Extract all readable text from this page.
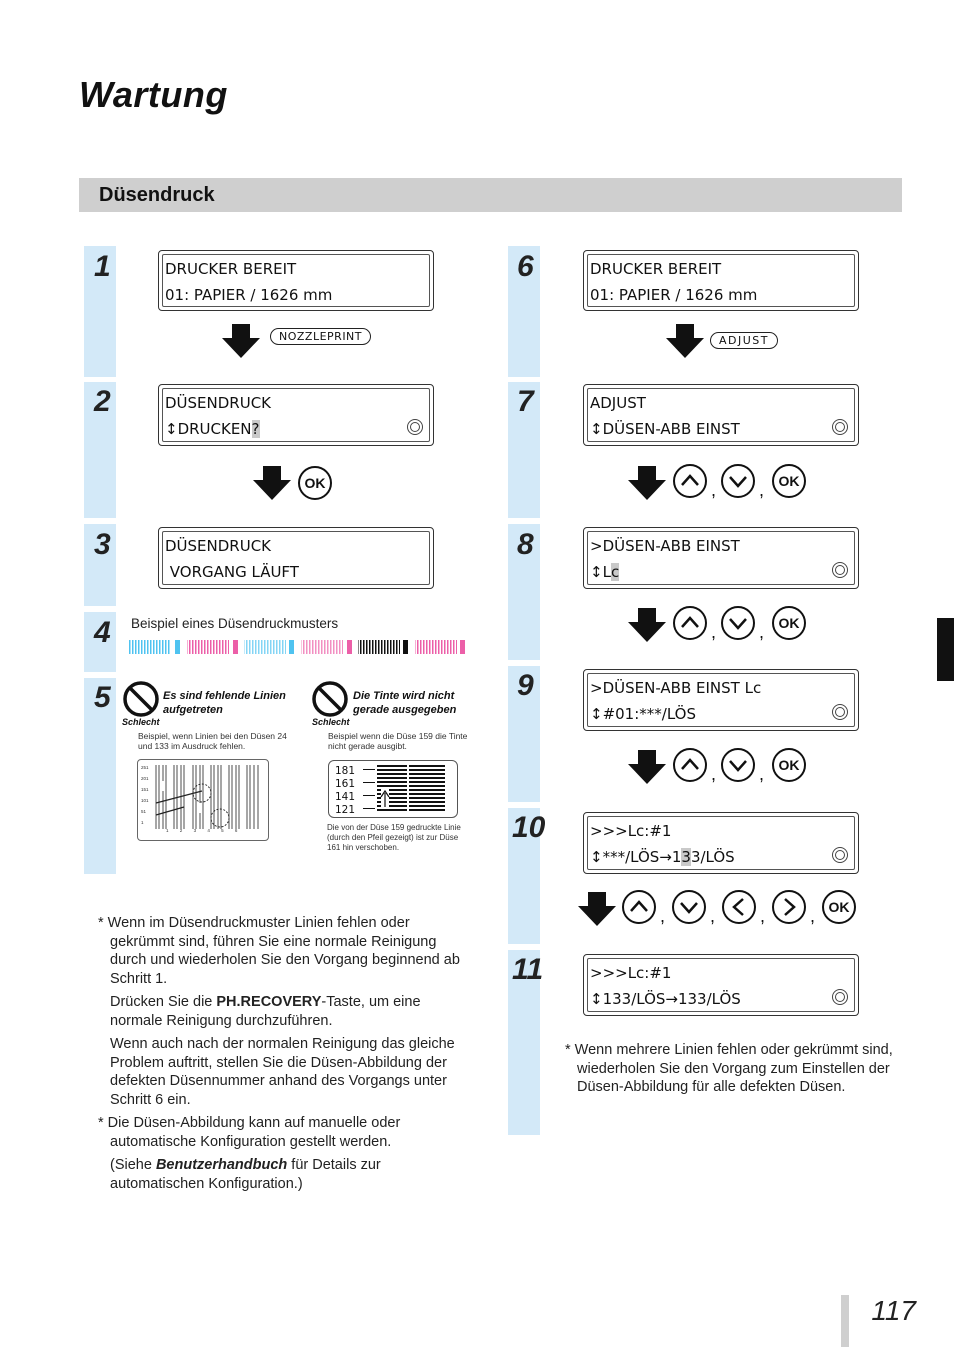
Wartung
Düsendruck
1
2
3
4
5
DRUCKER BEREIT
01: PAPIER / 1626 mm
NOZZLEPRINT
DÜSENDRUCK
↕DRUCKEN?
OK
DÜSENDRUCK
VORGANG LÄUFT
Beispiel eines Düsendruckmusters
Schlecht
Es sind fehlende Linien aufgetreten
Beispiel, wenn Linien bei den Düsen 24 und 133 im Ausdruck fehlen.
251
201
151
101
51
1
1	2	3	4	5	6
Schlecht
Die Tinte wird nicht gerade ausgegeben
Beispiel wenn die Düse 159 die Tinte nicht gerade ausgibt.
181
161
141
121
Die von der Düse 159 gedruckte Linie (durch den Pfeil gezeigt) ist zur Düse 161 hin verschoben.
* Wenn im Düsendruckmuster Linien fehlen oder gekrümmt sind, führen Sie eine normale Reinigung durch und wiederholen Sie den Vorgang beginnend ab Schritt 1.
Drücken Sie die PH.RECOVERY-Taste, um eine normale Reinigung durchzuführen.
Wenn auch nach der normalen Reinigung das gleiche Problem auftritt, stellen Sie die Düsen-Abbildung der defekten Düsennummer anhand des Vorgangs unter Schritt 6 ein.
* Die Düsen-Abbildung kann auf manuelle oder automatische Konfiguration gestellt werden.
(Siehe Benutzerhandbuch für Details zur automatischen Konfiguration.)
6
7
8
9
10
11
DRUCKER BEREIT
01: PAPIER / 1626 mm
ADJUST
ADJUST
↕DÜSEN-ABB EINST
, ,	OK
>DÜSEN-ABB EINST
↕Lc
, ,	OK
>DÜSEN-ABB EINST Lc
↕#01:***/LÖS
, ,	OK
>>>Lc:#1
↕***/LÖS→133/LÖS
, , , , OK
>>>Lc:#1
↕133/LÖS→133/LÖS
* Wenn mehrere Linien fehlen oder gekrümmt sind, wiederholen Sie den Vorgang zum Einstellen der Düsen-Abbildung für alle defekten Düsen.
117
